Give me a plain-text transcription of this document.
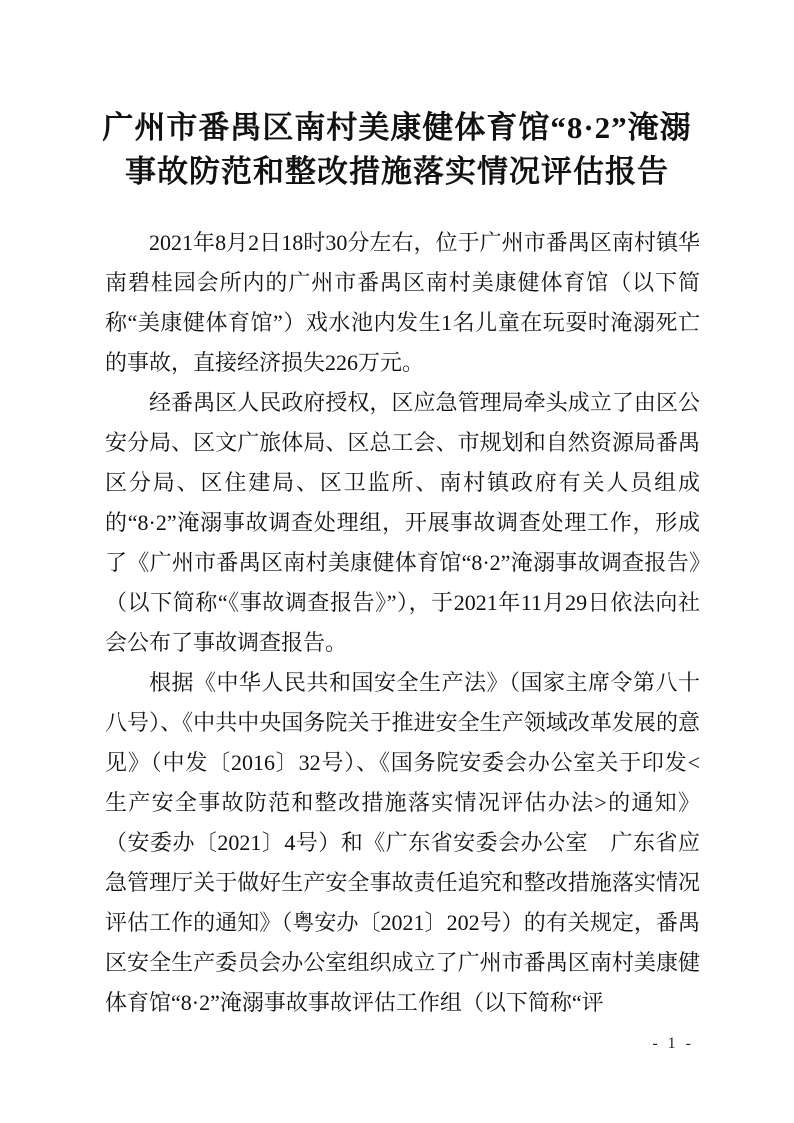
广州市番禺区南村美康健体育馆“8·2”淹溺
事故防范和整改措施落实情况评估报告

2021年8月2日18时30分左右，位于广州市番禺区南村镇华南碧桂园会所内的广州市番禺区南村美康健体育馆（以下简称“美康健体育馆”）戏水池内发生1名儿童在玩耍时淹溺死亡的事故，直接经济损失226万元。

经番禺区人民政府授权，区应急管理局牵头成立了由区公安分局、区文广旅体局、区总工会、市规划和自然资源局番禺区分局、区住建局、区卫监所、南村镇政府有关人员组成的“8·2”淹溺事故调查处理组，开展事故调查处理工作，形成了《广州市番禺区南村美康健体育馆“8·2”淹溺事故调查报告》（以下简称“《事故调查报告》”），于2021年11月29日依法向社会公布了事故调查报告。

根据《中华人民共和国安全生产法》（国家主席令第八十八号）、《中共中央国务院关于推进安全生产领域改革发展的意见》（中发〔2016〕32号）、《国务院安委会办公室关于印发<生产安全事故防范和整改措施落实情况评估办法>的通知》（安委办〔2021〕4号）和《广东省安委会办公室　广东省应急管理厅关于做好生产安全事故责任追究和整改措施落实情况评估工作的通知》（粤安办〔2021〕202号）的有关规定，番禺区安全生产委员会办公室组织成立了广州市番禺区南村美康健体育馆“8·2”淹溺事故事故评估工作组（以下简称“评

- 1 -
